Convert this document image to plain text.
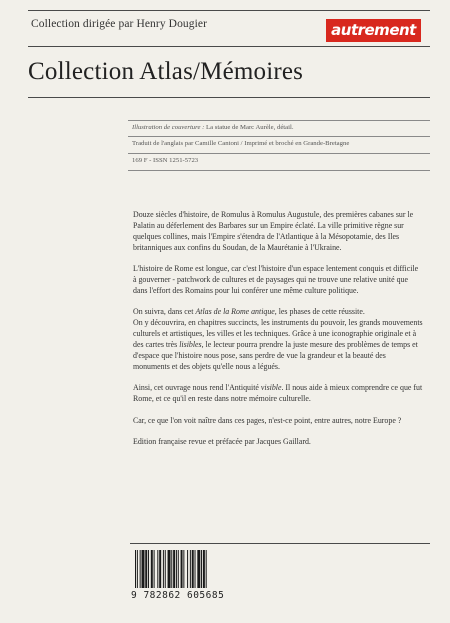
Collection dirigée par Henry Dougier	autrement
Collection Atlas/Mémoires
Illustration de couverture : La statue de Marc Aurèle, détail.
Traduit de l'anglais par Camille Cantoni / Imprimé et broché en Grande-Bretagne
169 F - ISSN 1251-5723

Douze siècles d'histoire, de Romulus à Romulus Augustule, des premières cabanes sur le Palatin au déferlement des Barbares sur un Empire éclaté. La ville primitive règne sur quelques collines, mais l'Empire s'étendra de l'Atlantique à la Mésopotamie, des Iles britanniques aux confins du Soudan, de la Maurétanie à l'Ukraine.

L'histoire de Rome est longue, car c'est l'histoire d'un espace lentement conquis et difficile à gouverner - patchwork de cultures et de paysages qui ne trouve une relative unité que dans l'effort des Romains pour lui conférer une même culture politique.

On suivra, dans cet Atlas de la Rome antique, les phases de cette réussite.

On y découvrira, en chapitres succincts, les instruments du pouvoir, les grands mouvements culturels et artistiques, les villes et les techniques. Grâce à une iconographie originale et à des cartes très lisibles, le lecteur pourra prendre la juste mesure des problèmes de temps et d'espace que l'histoire nous pose, sans perdre de vue la grandeur et la beauté des monuments et des objets qu'elle nous a légués.

Ainsi, cet ouvrage nous rend l'Antiquité visible. Il nous aide à mieux comprendre ce que fut Rome, et ce qu'il en reste dans notre mémoire culturelle.

Car, ce que l'on voit naître dans ces pages, n'est-ce point, entre autres, notre Europe ?

Edition française revue et préfacée par Jacques Gaillard.

9 782862 605685
